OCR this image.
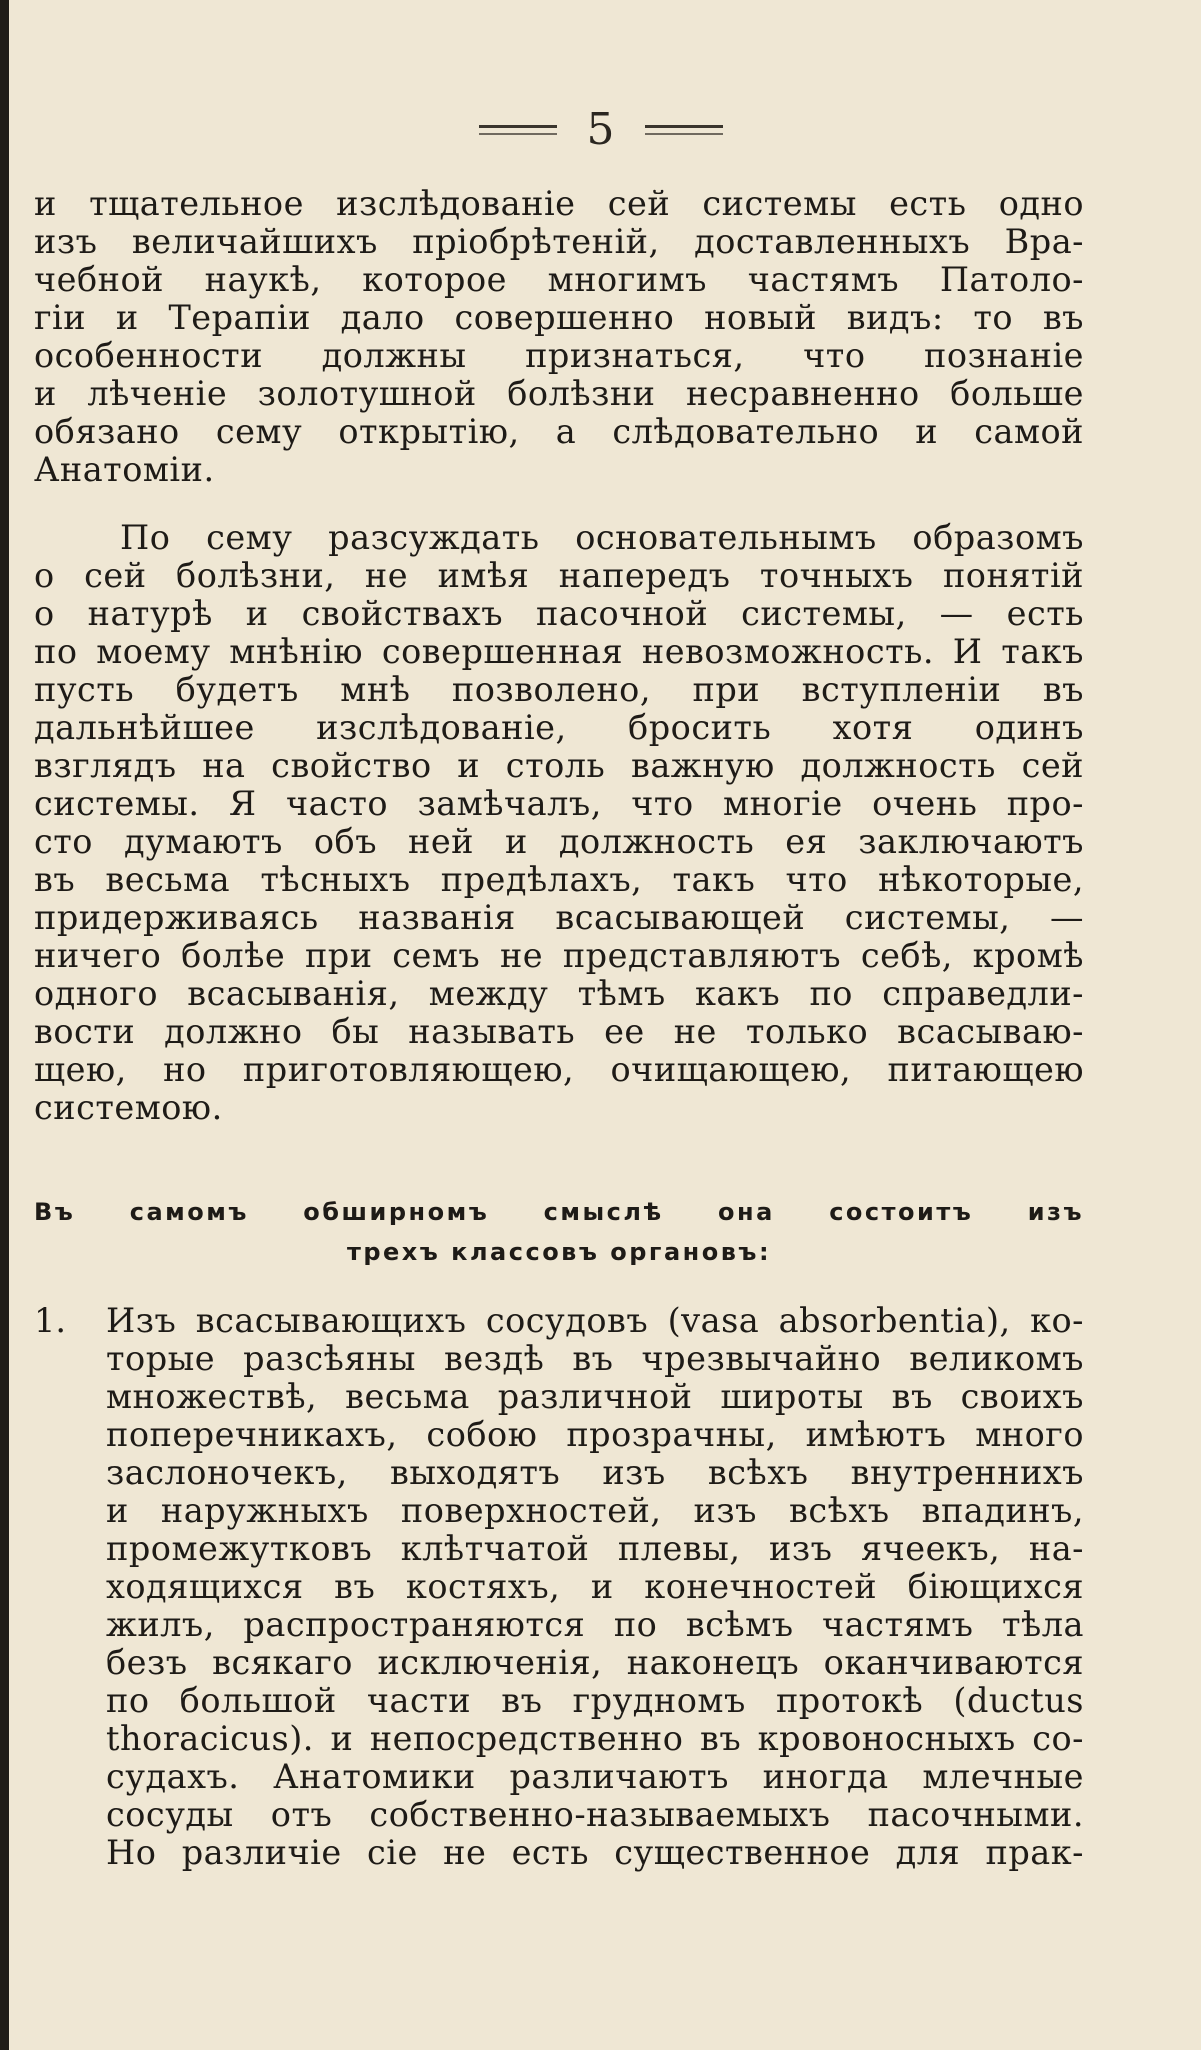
5
и тщательное изслѣдованіе сей системы есть одно
изъ величайшихъ пріобрѣтеній, доставленныхъ Вра-
чебной наукѣ, которое многимъ частямъ Патоло-
гіи и Терапіи дало совершенно новый видъ: то въ
особенности должны признаться, что познаніе
и лѣченіе золотушной болѣзни несравненно больше
обязано сему открытію, а слѣдовательно и самой
Анатоміи.
По сему разсуждать основательнымъ образомъ
о сей болѣзни, не имѣя напередъ точныхъ понятій
о натурѣ и свойствахъ пасочной системы, — есть
по моему мнѣнію совершенная невозможность. И такъ
пусть будетъ мнѣ позволено, при вступленіи въ
дальнѣйшее изслѣдованіе, бросить хотя одинъ
взглядъ на свойство и столь важную должность сей
системы. Я часто замѣчалъ, что многіе очень про-
сто думаютъ объ ней и должность ея заключаютъ
въ весьма тѣсныхъ предѣлахъ, такъ что нѣкоторые,
придерживаясь названія всасывающей системы, —
ничего болѣе при семъ не представляютъ себѣ, кромѣ
одного всасыванія, между тѣмъ какъ по справедли-
вости должно бы называть ее не только всасываю-
щею, но приготовляющею, очищающею, питающею
системою.
Въ самомъ обширномъ смыслѣ она состоитъ изъ
трехъ классовъ органовъ:
1.	Изъ всасывающихъ сосудовъ (vasa absorbentia), ко-
торые разсѣяны вездѣ въ чрезвычайно великомъ
множествѣ, весьма различной широты въ своихъ
поперечникахъ, собою прозрачны, имѣютъ много
заслоночекъ, выходятъ изъ всѣхъ внутреннихъ
и наружныхъ поверхностей, изъ всѣхъ впадинъ,
промежутковъ клѣтчатой плевы, изъ ячеекъ, на-
ходящихся въ костяхъ, и конечностей біющихся
жилъ, распространяются по всѣмъ частямъ тѣла
безъ всякаго исключенія, наконецъ оканчиваются
по большой части въ грудномъ протокѣ (ductus
thoracicus). и непосредственно въ кровоносныхъ со-
судахъ. Анатомики различаютъ иногда млечные
сосуды отъ собственно-называемыхъ пасочными.
Но различіе сіе не есть существенное для прак-
